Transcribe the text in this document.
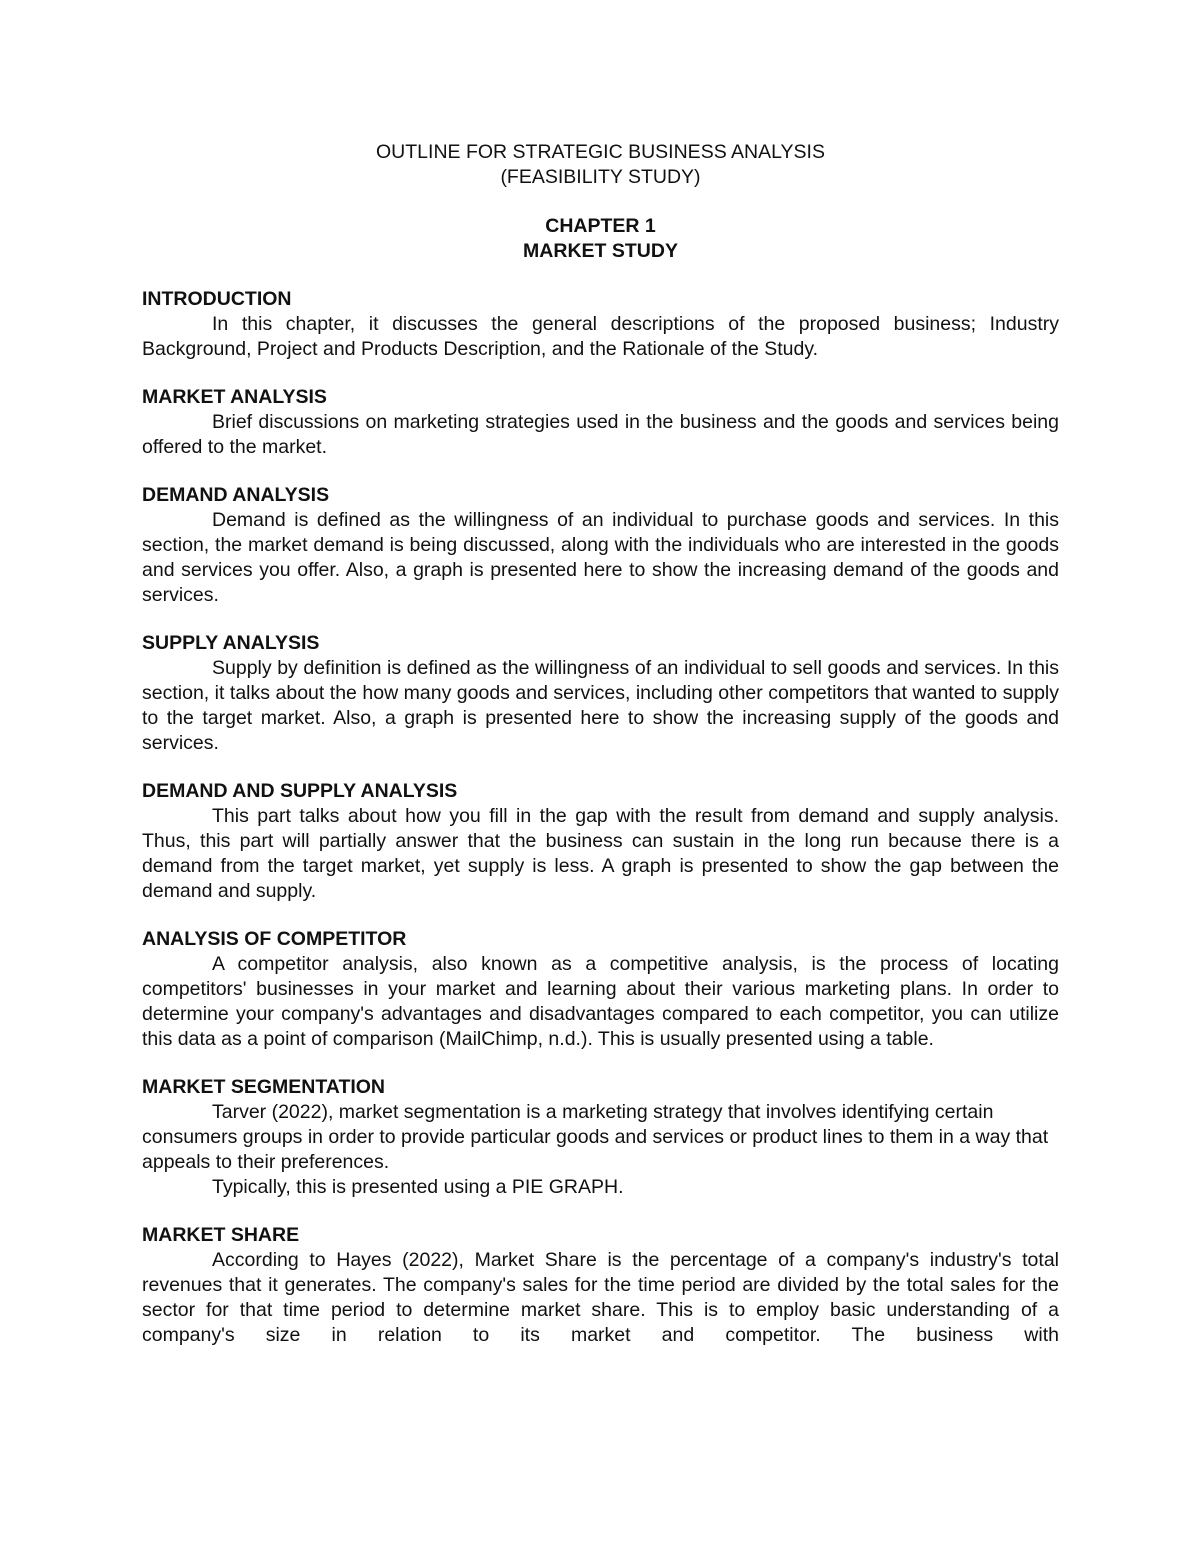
OUTLINE FOR STRATEGIC BUSINESS ANALYSIS
(FEASIBILITY STUDY)
CHAPTER 1
MARKET STUDY
INTRODUCTION

In this chapter, it discusses the general descriptions of the proposed business; Industry Background, Project and Products Description, and the Rationale of the Study.

MARKET ANALYSIS

Brief discussions on marketing strategies used in the business and the goods and services being offered to the market.

DEMAND ANALYSIS

Demand is defined as the willingness of an individual to purchase goods and services. In this section, the market demand is being discussed, along with the individuals who are interested in the goods and services you offer. Also, a graph is presented here to show the increasing demand of the goods and services.

SUPPLY ANALYSIS

Supply by definition is defined as the willingness of an individual to sell goods and services. In this section, it talks about the how many goods and services, including other competitors that wanted to supply to the target market. Also, a graph is presented here to show the increasing supply of the goods and services.

DEMAND AND SUPPLY ANALYSIS

This part talks about how you fill in the gap with the result from demand and supply analysis. Thus, this part will partially answer that the business can sustain in the long run because there is a demand from the target market, yet supply is less. A graph is presented to show the gap between the demand and supply.

ANALYSIS OF COMPETITOR

A competitor analysis, also known as a competitive analysis, is the process of locating competitors' businesses in your market and learning about their various marketing plans. In order to determine your company's advantages and disadvantages compared to each competitor, you can utilize this data as a point of comparison (MailChimp, n.d.). This is usually presented using a table.

MARKET SEGMENTATION

Tarver (2022), market segmentation is a marketing strategy that involves identifying certain consumers groups in order to provide particular goods and services or product lines to them in a way that appeals to their preferences.

Typically, this is presented using a PIE GRAPH.

MARKET SHARE

According to Hayes (2022), Market Share is the percentage of a company's industry's total revenues that it generates. The company's sales for the time period are divided by the total sales for the sector for that time period to determine market share. This is to employ basic understanding of a company's size in relation to its market and competitor. The business with
